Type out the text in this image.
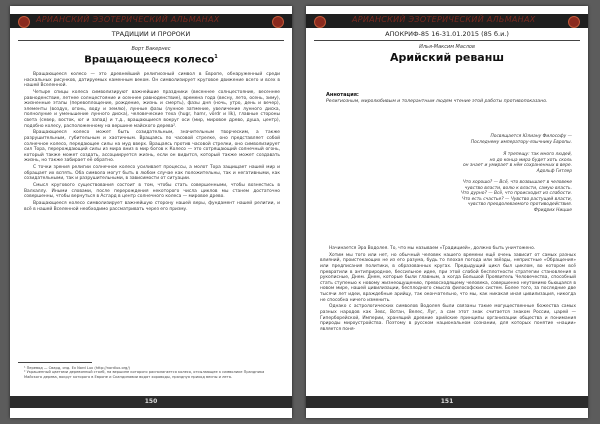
АРИАНСКИЙ ЭЗОТЕРИЧЕСКИЙ АЛЬМАНАХ
ТРАДИЦИИ И ПРОРОКИ
Ворт Вакернес
Вращающееся колесо$^1$

Вращающееся колесо — это древнейший религиозный символ в Европе, обнаруженный среди наскальных рисунков, датируемых каменным веком. Он символизирует круговое движение всего и всех в нашей Вселенной.

Четыре спицы колеса символизируют важнейшие праздники (весеннее солнцестояние, весеннее равноденствие, летнее солнцестояние и осеннее равноденствие), времена года (весну, лето, осень, зиму), жизненные этапы (перевоплощение, рождение, жизнь и смерть), фазы дня (ночь, утро, день и вечер), элементы (воздух, огонь, воду и землю), лунные фазы (лунное затмение, увеличение лунного диска, полнолуние и уменьшение лунного диска), человеческие теха (hugr, hamr, vördr и lík), главные стороны света (север, восток, юг и запад) и т.д., вращающиеся вокруг оси (мир, мировое древо, душа, центр), подобно колесу, расположенному на вершине майского дерева².

Вращающееся колесо может быть созидательным, значительным творческим, а также разрушительным, губительным и хаотичным. Вращаясь по часовой стрелке, оно представляет собой солнечное колесо, передающее силы на муд вверх. Вращаясь против часовой стрелки, оно символизирует сил Тора, перерождающий силы из мира вниз в мир богов к Колесо — это сотрящающий солнечный огонь, который также может создать, ассоциируется жизнь, если он видится, который также может создавать жизнь, но также забирает её обратно.

С точки зрения религии солнечное колесо усиливает процессы, а молот Тора защищает нашей мир и обращает их вспять. Оба символа могут быть в любом случае как положительны, так и негативными, как созидательными, так и разрушительными, в зависимости от ситуации.

Смысл кругового существования состоит в том, чтобы стать совершенными, чтобы вознестись в Валхаллу. Иными словами, после перерождения некоторого числа циклов мы станем достаточно совершенны, чтобы вернуться в Асгард в центр солнечного колеса — мировое древо.

Вращающееся колесо символизирует важнейшую сторону нашей веры, фундамент нашей религии, и всё в нашей Вселенной необходимо рассматривать через его призму.

¹ Перевод — Свард, изд. Ex Nord Lux (http://nordlux.org/)
² Украшенный цветами деревянный столб, на вершине которого располагается колесо, отсылающее к символике Праздника Майского дерева, вокруг которого в Европе и Скандинавии водят хороводы, празднуя приход весны и лета.
150
АРИАНСКИЙ ЭЗОТЕРИЧЕСКИЙ АЛЬМАНАХ
АПОКРИФ-85 16-31.01.2015 (85 б.и.)
Илья-Максим Маслов
Арийский реванш
Аннотация:
Религиозным, миролюбивым и толерантным людям чтение этой работы противопоказано.
Посвящается Юлиану Философу —
Последнему императору-язычнику Европы.
Я трепещу: так много людей,
но до конца мира будет хоть сколь
он знает и умирает в нём сохраненных в вере.
Адольф Гитлер
Что хорошо? — Всё, что возвышает в человеке
чувство власти, волю к власти, самую власть.
Что дурно? — Всё, что происходит из слабости.
Что есть счастье? — Чувство растущей власти,
чувство преодолеваемого противодействия.
Фридрих Ницше

Начинается Эра Водолея. То, что мы называем «Традицией», должно быть уничтожено.

Хотим мы того или нет, но обычный человек нашего времени ещё очень зависит от самых разных влияний, проистекающих не из его разума, будь то плохая погода или звёзды, непристные «Обращения» или предписания политики, в образованных кругах. Предыдущий цикл был циклом, во котором всё превратили в антиприродное, бессильное идее, при этой слабой бесплотности стратегии становления в рукописные, Днем. Днем, которые были главным, а когда Большой Проявитель Человечества, способный стать ступенью к новому жизнеощущению, превосходящему человека, совершенно неутомимо бьющаяся в новом мире, нашей цивилизации, бесплодного смысла философских систем. Более того, за последние две тысячи лет идеи, враждебные арийцу, так окончательно, что мы, как никакая иная цивилизация, никогда не способна ничего изменить.

Однако с астрологических символов Водолея были связаны такие могущественные божества самых разных народов как Зевс, Вотан, Велес, Луг, а сам этот знак считается знаком России, царей — Гиперборейской, Империи, хранящий древние арийские принципы организации общества и понимания природы мироустройства. Поэтому в русском национальном сознании, для которых понятие «нации» является поня-

151
